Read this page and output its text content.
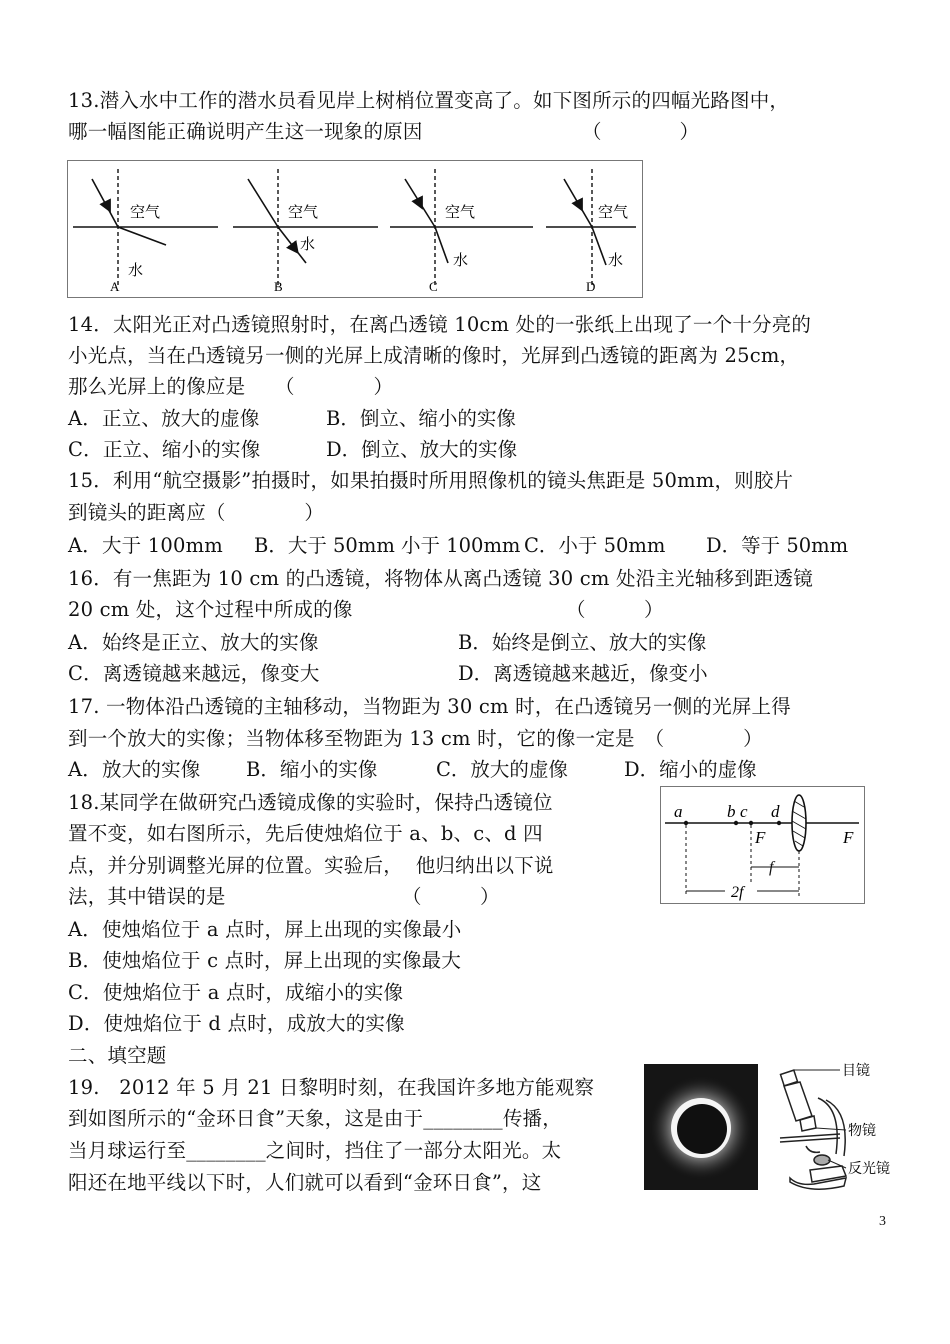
13.潜入水中工作的潜水员看见岸上树梢位置变高了。如下图所示的四幅光路图中，
哪一幅图能正确说明产生这一现象的原因	（　　　　）
空气
水
A
空气
水
B
空气
水
C
空气
水
D
14．太阳光正对凸透镜照射时，在离凸透镜 10cm 处的一张纸上出现了一个十分亮的
小光点，当在凸透镜另一侧的光屏上成清晰的像时，光屏到凸透镜的距离为 25cm，
那么光屏上的像应是　　（　　　　）
A．正立、放大的虚像	B．倒立、缩小的实像
C．正立、缩小的实像	D．倒立、放大的实像
15．利用“航空摄影”拍摄时，如果拍摄时所用照像机的镜头焦距是 50mm，则胶片
到镜头的距离应（　　　　）
A．大于 100mm B．大于 50mm 小于 100mm C．小于 50mm D．等于 50mm
16．有一焦距为 10 cm 的凸透镜，将物体从离凸透镜 30 cm 处沿主光轴移到距透镜
20 cm 处，这个过程中所成的像	（　　　）
A．始终是正立、放大的实像	B．始终是倒立、放大的实像
C．离透镜越来越远，像变大	D．离透镜越来越近，像变小
17. 一物体沿凸透镜的主轴移动，当物距为 30 cm 时，在凸透镜另一侧的光屏上得
到一个放大的实像；当物体移至物距为 13 cm 时，它的像一定是　（　　　　）
A．放大的实像 B．缩小的实像	C．放大的虚像	D．缩小的虚像
18.某同学在做研究凸透镜成像的实验时，保持凸透镜位
置不变，如右图所示，先后使烛焰位于 a、b、c、d 四
点，并分别调整光屏的位置。实验后，  他归纳出以下说
法，其中错误的是	（　　　）
A．使烛焰位于 a 点时，屏上出现的实像最小
B．使烛焰位于 c 点时，屏上出现的实像最大
C．使烛焰位于 a 点时，成缩小的实像
D．使烛焰位于 d 点时，成放大的实像
a	b c d
F	F
f
2f
二、填空题
19.　2012 年 5 月 21 日黎明时刻，在我国许多地方能观察
到如图所示的“金环日食”天象，这是由于________传播，
当月球运行至________之间时，挡住了一部分太阳光。太
阳还在地平线以下时，人们就可以看到“金环日食”，这
目镜
物镜
反光镜
3
